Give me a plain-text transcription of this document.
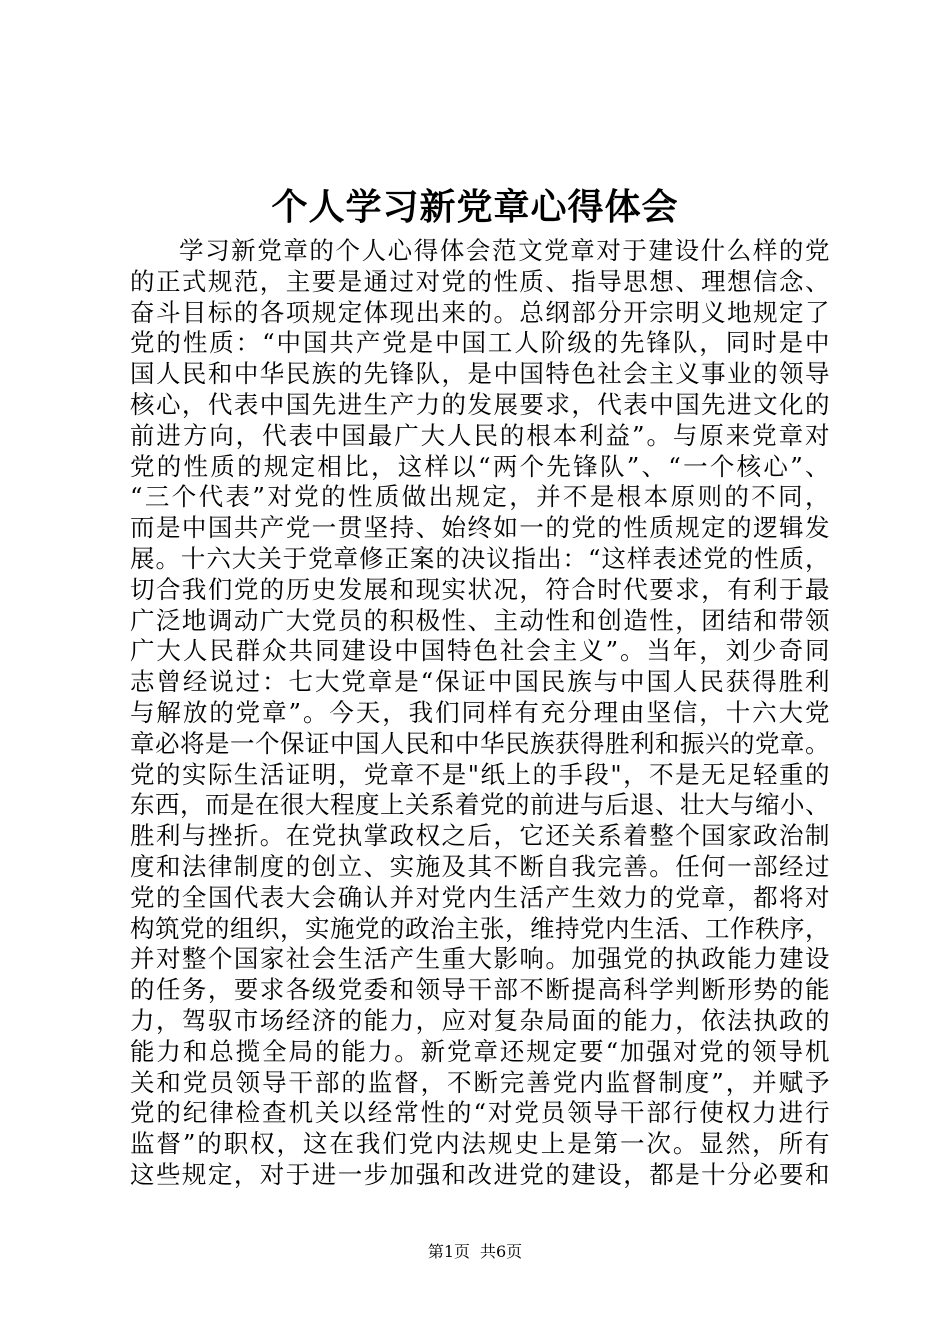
个人学习新党章心得体会
学习新党章的个人心得体会范文党章对于建设什么样的党
的正式规范，主要是通过对党的性质、指导思想、理想信念、
奋斗目标的各项规定体现出来的。总纲部分开宗明义地规定了
党的性质：“中国共产党是中国工人阶级的先锋队，同时是中
国人民和中华民族的先锋队，是中国特色社会主义事业的领导
核心，代表中国先进生产力的发展要求，代表中国先进文化的
前进方向，代表中国最广大人民的根本利益”。与原来党章对
党的性质的规定相比，这样以“两个先锋队”、“一个核心”、
“三个代表”对党的性质做出规定，并不是根本原则的不同，
而是中国共产党一贯坚持、始终如一的党的性质规定的逻辑发
展。十六大关于党章修正案的决议指出：“这样表述党的性质，
切合我们党的历史发展和现实状况，符合时代要求，有利于最
广泛地调动广大党员的积极性、主动性和创造性，团结和带领
广大人民群众共同建设中国特色社会主义”。当年，刘少奇同
志曾经说过：七大党章是“保证中国民族与中国人民获得胜利
与解放的党章”。今天，我们同样有充分理由坚信，十六大党
章必将是一个保证中国人民和中华民族获得胜利和振兴的党章。
党的实际生活证明，党章不是"纸上的手段"，不是无足轻重的
东西，而是在很大程度上关系着党的前进与后退、壮大与缩小、
胜利与挫折。在党执掌政权之后，它还关系着整个国家政治制
度和法律制度的创立、实施及其不断自我完善。任何一部经过
党的全国代表大会确认并对党内生活产生效力的党章，都将对
构筑党的组织，实施党的政治主张，维持党内生活、工作秩序，
并对整个国家社会生活产生重大影响。加强党的执政能力建设
的任务，要求各级党委和领导干部不断提高科学判断形势的能
力，驾驭市场经济的能力，应对复杂局面的能力，依法执政的
能力和总揽全局的能力。新党章还规定要“加强对党的领导机
关和党员领导干部的监督，不断完善党内监督制度”，并赋予
党的纪律检查机关以经常性的“对党员领导干部行使权力进行
监督”的职权，这在我们党内法规史上是第一次。显然，所有
这些规定，对于进一步加强和改进党的建设，都是十分必要和
第1页 共6页
